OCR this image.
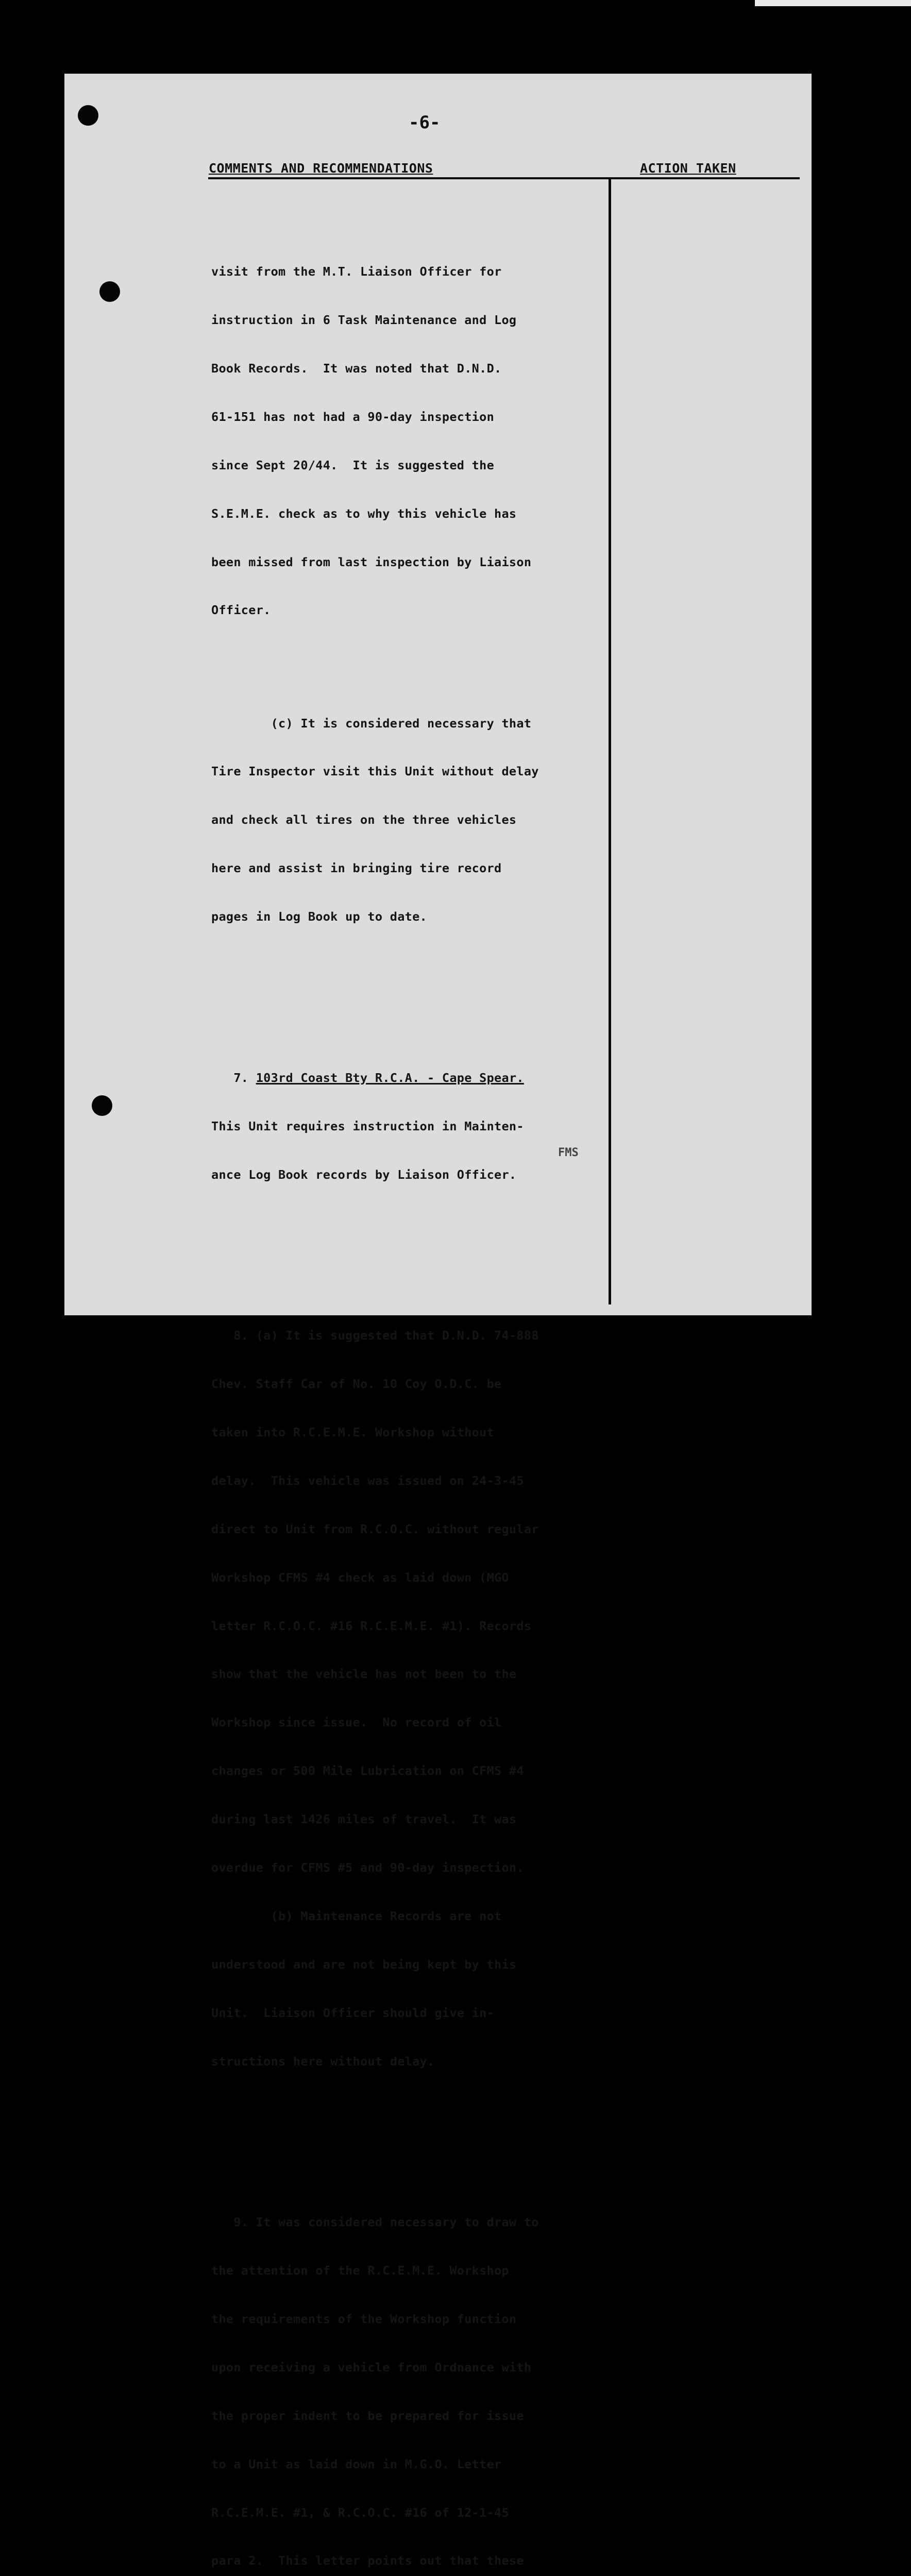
-6-
COMMENTS AND RECOMMENDATIONS	ACTION TAKEN

visit from the M.T. Liaison Officer for

instruction in 6 Task Maintenance and Log

Book Records.  It was noted that D.N.D.

61-151 has not had a 90-day inspection

since Sept 20/44.  It is suggested the

S.E.M.E. check as to why this vehicle has

been missed from last inspection by Liaison

Officer.

(c) It is considered necessary that

Tire Inspector visit this Unit without delay

and check all tires on the three vehicles

here and assist in bringing tire record

pages in Log Book up to date.

7. 103rd Coast Bty R.C.A. - Cape Spear.

This Unit requires instruction in Mainten-

ance Log Book records by Liaison Officer.

8. (a) It is suggested that D.N.D. 74-888

Chev. Staff Car of No. 10 Coy O.D.C. be

taken into R.C.E.M.E. Workshop without

delay.  This vehicle was issued on 24-3-45

direct to Unit from R.C.O.C. without regular

Workshop CFMS #4 check as laid down (MGO

letter R.C.O.C. #16 R.C.E.M.E. #1). Records

show that the vehicle has not been to the

Workshop since issue.  No record of oil

changes or 500 Mile Lubrication on CFMS #4

during last 1426 miles of travel.  It was

overdue for CFMS #5 and 90-day inspection.

(b) Maintenance Records are not

understood and are not being kept by this

Unit.  Liaison Officer should give in-

structions here without delay.

9. It was considered necessary to draw to

the attention of the R.C.E.M.E. Workshop

the requirements of the Workshop function

upon receiving a vehicle from Ordnance with

the proper indent to be prepared for issue

to a Unit as laid down in M.G.O. Letter

R.C.E.M.E. #1, & R.C.O.C. #16 of 12-1-45

para 2.  This letter points out that these

FMS
